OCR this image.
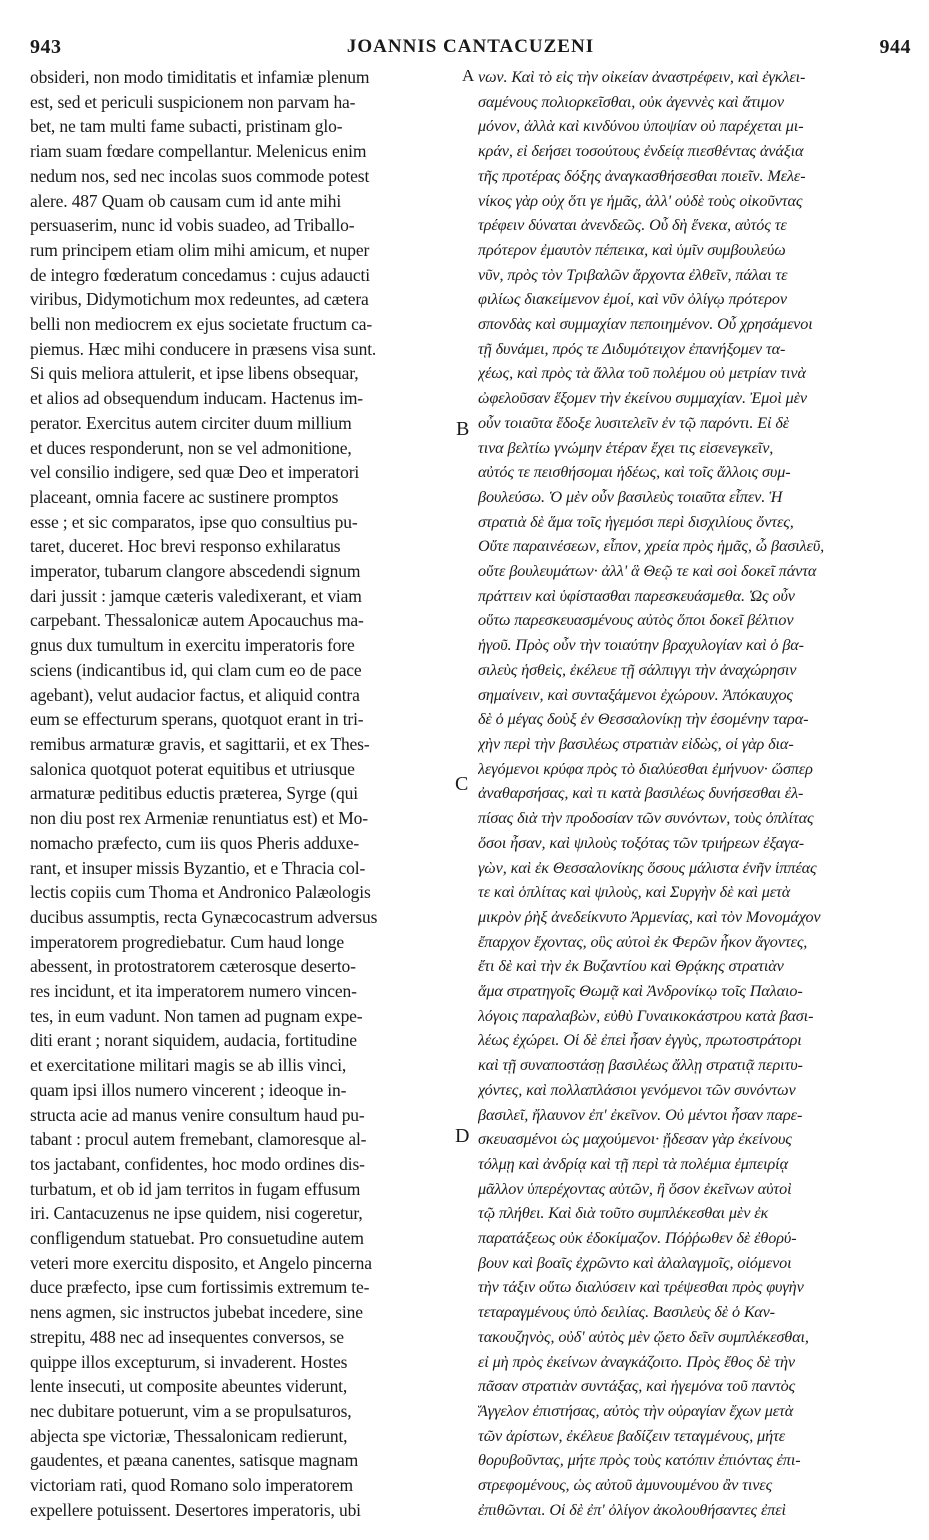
943	JOANNIS CANTACUZENI	944

obsideri, non modo timiditatis et infamiæ plenum

est, sed et periculi suspicionem non parvam ha-

bet, ne tam multi fame subacti, pristinam glo-

riam suam fœdare compellantur. Melenicus enim

nedum nos, sed nec incolas suos commode potest

alere. 487 Quam ob causam cum id ante mihi

persuaserim, nunc id vobis suadeo, ad Triballo-

rum principem etiam olim mihi amicum, et nuper

de integro fœderatum concedamus : cujus adaucti

viribus, Didymotichum mox redeuntes, ad cætera

belli non mediocrem ex ejus societate fructum ca-

piemus. Hæc mihi conducere in præsens visa sunt.

Si quis meliora attulerit, et ipse libens obsequar,

et alios ad obsequendum inducam. Hactenus im-

perator. Exercitus autem circiter duum millium

et duces responderunt, non se vel admonitione,

vel consilio indigere, sed quæ Deo et imperatori

placeant, omnia facere ac sustinere promptos

esse ; et sic comparatos, ipse quo consultius pu-

taret, duceret. Hoc brevi responso exhilaratus

imperator, tubarum clangore abscedendi signum

dari jussit : jamque cæteris valedixerant, et viam

carpebant. Thessalonicæ autem Apocauchus ma-

gnus dux tumultum in exercitu imperatoris fore

sciens (indicantibus id, qui clam cum eo de pace

agebant), velut audacior factus, et aliquid contra

eum se effecturum sperans, quotquot erant in tri-

remibus armaturæ gravis, et sagittarii, et ex Thes-

salonica quotquot poterat equitibus et utriusque

armaturæ peditibus eductis præterea, Syrge (qui

non diu post rex Armeniæ renuntiatus est) et Mo-

nomacho præfecto, cum iis quos Pheris adduxe-

rant, et insuper missis Byzantio, et e Thracia col-

lectis copiis cum Thoma et Andronico Palæologis

ducibus assumptis, recta Gynæcocastrum adversus

imperatorem progrediebatur. Cum haud longe

abessent, in protostratorem cæterosque deserto-

res incidunt, et ita imperatorem numero vincen-

tes, in eum vadunt. Non tamen ad pugnam expe-

diti erant ; norant siquidem, audacia, fortitudine

et exercitatione militari magis se ab illis vinci,

quam ipsi illos numero vincerent ; ideoque in-

structa acie ad manus venire consultum haud pu-

tabant : procul autem fremebant, clamoresque al-

tos jactabant, confidentes, hoc modo ordines dis-

turbatum, et ob id jam territos in fugam effusum

iri. Cantacuzenus ne ipse quidem, nisi cogeretur,

confligendum statuebat. Pro consuetudine autem

veteri more exercitu disposito, et Angelo pincerna

duce præfecto, ipse cum fortissimis extremum te-

nens agmen, sic instructos jubebat incedere, sine

strepitu, 488 nec ad insequentes conversos, se

quippe illos excepturum, si invaderent. Hostes

lente insecuti, ut composite abeuntes viderunt,

nec dubitare potuerunt, vim a se propulsaturos,

abjecta spe victoriæ, Thessalonicam redierunt,

gaudentes, et pæana canentes, satisque magnam

victoriam rati, quod Romano solo imperatorem

expellere potuissent. Desertores imperatoris, ubi

νων. Καὶ τὸ εἰς τὴν οἰκείαν ἀναστρέφειν, καὶ ἐγκλει-

σαμένους πολιορκεῖσθαι, οὐκ ἀγεννὲς καὶ ἄτιμον

μόνον, ἀλλὰ καὶ κινδύνου ὑποψίαν οὐ παρέχεται μι-

κράν, εἰ δεήσει τοσούτους ἐνδείᾳ πιεσθέντας ἀνάξια

τῆς προτέρας δόξης ἀναγκασθήσεσθαι ποιεῖν. Μελε-

νίκος γὰρ οὐχ ὅτι γε ἡμᾶς, ἀλλ' οὐδὲ τοὺς οἰκοῦντας

τρέφειν δύναται ἀνενδεῶς. Οὗ δὴ ἕνεκα, αὐτός τε

πρότερον ἐμαυτὸν πέπεικα, καὶ ὑμῖν συμβουλεύω

νῦν, πρὸς τὸν Τριβαλῶν ἄρχοντα ἐλθεῖν, πάλαι τε

φιλίως διακείμενον ἐμοί, καὶ νῦν ὀλίγῳ πρότερον

σπονδὰς καὶ συμμαχίαν πεποιημένον. Οὗ χρησάμενοι

τῇ δυνάμει, πρός τε Διδυμότειχον ἐπανήξομεν τα-

χέως, καὶ πρὸς τὰ ἄλλα τοῦ πολέμου οὐ μετρίαν τινὰ

ὠφελοῦσαν ἕξομεν τὴν ἐκείνου συμμαχίαν. Ἐμοὶ μὲν

οὖν τοιαῦτα ἔδοξε λυσιτελεῖν ἐν τῷ παρόντι. Εἰ δὲ

τινα βελτίω γνώμην ἑτέραν ἔχει τις εἰσενεγκεῖν,

αὐτός τε πεισθήσομαι ἡδέως, καὶ τοῖς ἄλλοις συμ-

βουλεύσω. Ὁ μὲν οὖν βασιλεὺς τοιαῦτα εἶπεν. Ἡ

στρατιὰ δὲ ἅμα τοῖς ἡγεμόσι περὶ δισχιλίους ὄντες,

Οὔτε παραινέσεων, εἶπον, χρεία πρὸς ἡμᾶς, ὦ βασιλεῦ,

οὔτε βουλευμάτων· ἀλλ' ἃ Θεῷ τε καὶ σοὶ δοκεῖ πάντα

πράττειν καὶ ὑφίστασθαι παρεσκευάσμεθα. Ὡς οὖν

οὕτω παρεσκευασμένους αὐτὸς ὅποι δοκεῖ βέλτιον

ἡγοῦ. Πρὸς οὖν τὴν τοιαύτην βραχυλογίαν καὶ ὁ βα-

σιλεὺς ἡσθεὶς, ἐκέλευε τῇ σάλπιγγι τὴν ἀναχώρησιν

σημαίνειν, καὶ συνταξάμενοι ἐχώρουν. Ἀπόκαυχος

δὲ ὁ μέγας δοὺξ ἐν Θεσσαλονίκῃ τὴν ἐσομένην ταρα-

χὴν περὶ τὴν βασιλέως στρατιὰν εἰδὼς, οἱ γὰρ δια-

λεγόμενοι κρύφα πρὸς τὸ διαλύεσθαι ἐμήνυον· ὥσπερ

ἀναθαρσήσας, καὶ τι κατὰ βασιλέως δυνήσεσθαι ἐλ-

πίσας διὰ τὴν προδοσίαν τῶν συνόντων, τοὺς ὁπλίτας

ὅσοι ἦσαν, καὶ ψιλοὺς τοξότας τῶν τριήρεων ἐξαγα-

γὼν, καὶ ἐκ Θεσσαλονίκης ὅσους μάλιστα ἐνῆν ἱππέας

τε καὶ ὁπλίτας καὶ ψιλοὺς, καὶ Συργὴν δὲ καὶ μετὰ

μικρὸν ῥὴξ ἀνεδείκνυτο Ἀρμενίας, καὶ τὸν Μονομάχον

ἔπαρχον ἔχοντας, οὓς αὐτοὶ ἐκ Φερῶν ἧκον ἄγοντες,

ἔτι δὲ καὶ τὴν ἐκ Βυζαντίου καὶ Θρᾴκης στρατιὰν

ἅμα στρατηγοῖς Θωμᾷ καὶ Ἀνδρονίκῳ τοῖς Παλαιο-

λόγοις παραλαβὼν, εὐθὺ Γυναικοκάστρου κατὰ βασι-

λέως ἐχώρει. Οἱ δὲ ἐπεὶ ἦσαν ἐγγὺς, πρωτοστράτορι

καὶ τῇ συναποστάσῃ βασιλέως ἄλλῃ στρατιᾷ περιτυ-

χόντες, καὶ πολλαπλάσιοι γενόμενοι τῶν συνόντων

βασιλεῖ, ἤλαυνον ἐπ' ἐκεῖνον. Οὐ μέντοι ἦσαν παρε-

σκευασμένοι ὡς μαχούμενοι· ᾔδεσαν γὰρ ἐκείνους

τόλμῃ καὶ ἀνδρίᾳ καὶ τῇ περὶ τὰ πολέμια ἐμπειρίᾳ

μᾶλλον ὑπερέχοντας αὐτῶν, ἢ ὅσον ἐκεῖνων αὐτοὶ

τῷ πλήθει. Καὶ διὰ τοῦτο συμπλέκεσθαι μὲν ἐκ

παρατάξεως οὐκ ἐδοκίμαζον. Πόῤῥωθεν δὲ ἐθορύ-

βουν καὶ βοαῖς ἐχρῶντο καὶ ἀλαλαγμοῖς, οἰόμενοι

τὴν τάξιν οὕτω διαλύσειν καὶ τρέψεσθαι πρὸς φυγὴν

τεταραγμένους ὑπὸ δειλίας. Βασιλεὺς δὲ ὁ Καν-

τακουζηνὸς, οὐδ' αὐτὸς μὲν ᾤετο δεῖν συμπλέκεσθαι,

εἰ μὴ πρὸς ἐκείνων ἀναγκάζοιτο. Πρὸς ἔθος δὲ τὴν

πᾶσαν στρατιὰν συντάξας, καὶ ἡγεμόνα τοῦ παντὸς

Ἄγγελον ἐπιστήσας, αὐτὸς τὴν οὐραγίαν ἔχων μετὰ

τῶν ἀρίστων, ἐκέλευε βαδίζειν τεταγμένους, μήτε

θορυβοῦντας, μήτε πρὸς τοὺς κατόπιν ἐπιόντας ἐπι-

στρεφομένους, ὡς αὐτοῦ ἀμυνουμένου ἂν τινες

ἐπιθῶνται. Οἱ δὲ ἐπ' ὀλίγον ἀκολουθήσαντες ἐπεὶ

A
B
C
D
